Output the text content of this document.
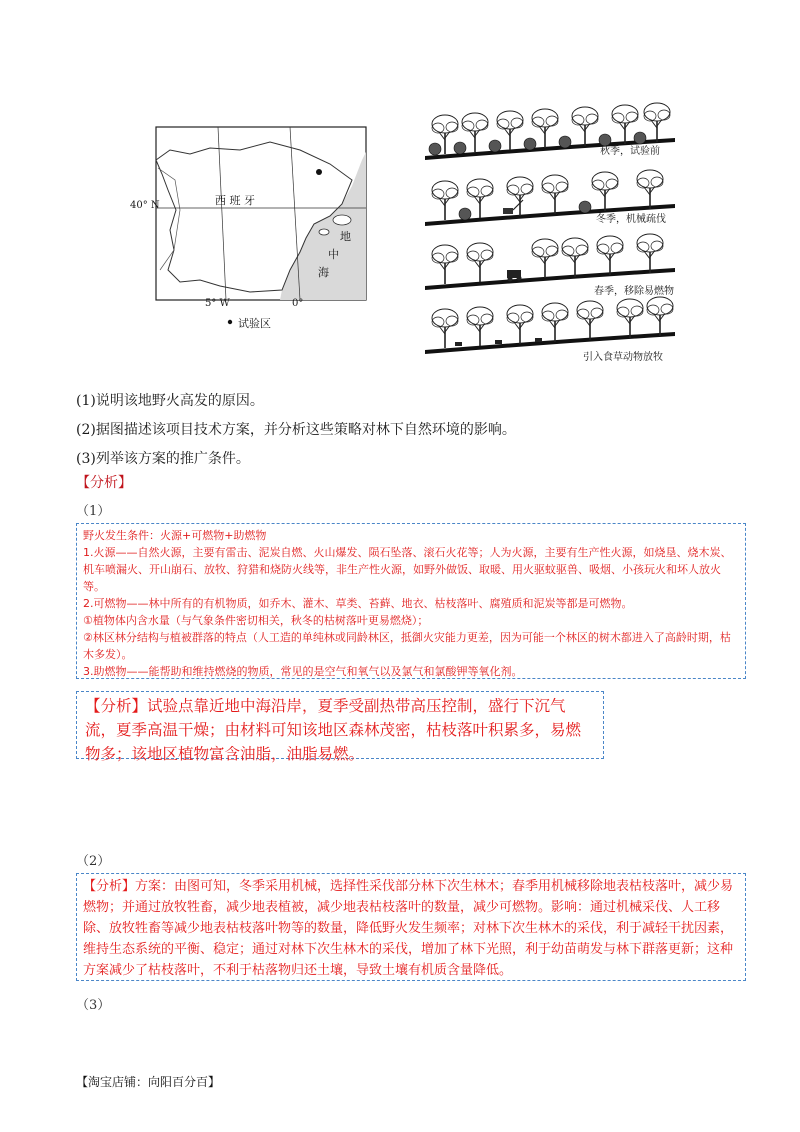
40° N	西 班 牙
地
中
海
5° W	0°
试验区
秋季，试验前
冬季，机械疏伐
春季，移除易燃物
引入食草动物放牧
(1)说明该地野火高发的原因。
(2)据图描述该项目技术方案，并分析这些策略对林下自然环境的影响。
(3)列举该方案的推广条件。
【分析】
（1）

野火发生条件：火源+可燃物+助燃物

1.火源——自然火源，主要有雷击、泥炭自燃、火山爆发、陨石坠落、滚石火花等；人为火源，主要有生产性火源，如烧垦、烧木炭、机车喷漏火、开山崩石、放牧、狩猎和烧防火线等，非生产性火源，如野外做饭、取暖、用火驱蚊驱兽、吸烟、小孩玩火和坏人放火等。

2.可燃物——林中所有的有机物质，如乔木、灌木、草类、苔藓、地衣、枯枝落叶、腐殖质和泥炭等都是可燃物。

①植物体内含水量（与气象条件密切相关，秋冬的枯树落叶更易燃烧）；

②林区林分结构与植被群落的特点（人工造的单纯林或同龄林区，抵御火灾能力更差，因为可能一个林区的树木都进入了高龄时期，枯木多发）。

3.助燃物——能帮助和维持燃烧的物质，常见的是空气和氧气以及氯气和氯酸钾等氧化剂。

【分析】试验点靠近地中海沿岸，夏季受副热带高压控制，盛行下沉气流，夏季高温干燥；由材料可知该地区森林茂密，枯枝落叶积累多，易燃物多；该地区植物富含油脂，油脂易燃。

（2）

【分析】方案：由图可知，冬季采用机械，选择性采伐部分林下次生林木；春季用机械移除地表枯枝落叶，减少易燃物；并通过放牧牲畜，减少地表植被，减少地表枯枝落叶的数量，减少可燃物。影响：通过机械采伐、人工移除、放牧牲畜等减少地表枯枝落叶物等的数量，降低野火发生频率；对林下次生林木的采伐，利于减轻干扰因素，维持生态系统的平衡、稳定；通过对林下次生林木的采伐，增加了林下光照，利于幼苗萌发与林下群落更新；这种方案减少了枯枝落叶，不利于枯落物归还土壤，导致土壤有机质含量降低。

（3）
【淘宝店铺：向阳百分百】
